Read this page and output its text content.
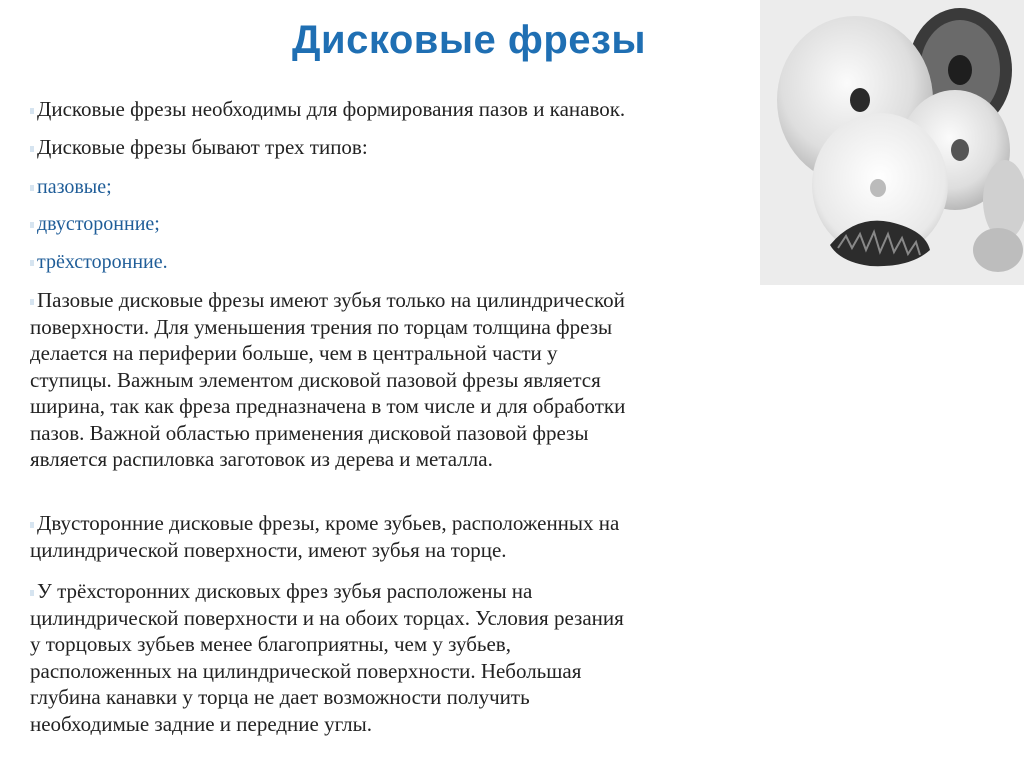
Дисковые фрезы
Дисковые фрезы необходимы для формирования пазов и канавок.
Дисковые фрезы бывают трех типов:
пазовые;
двусторонние;
трёхсторонние.
Пазовые дисковые фрезы имеют зубья только на цилиндрической
поверхности. Для уменьшения трения по торцам толщина фрезы
делается на периферии больше, чем в центральной части у
ступицы. Важным элементом дисковой пазовой фрезы является
ширина, так как фреза предназначена в том числе и для обработки
пазов. Важной областью применения дисковой пазовой фрезы
является распиловка заготовок из дерева и металла.
Двусторонние дисковые фрезы, кроме зубьев, расположенных на
цилиндрической поверхности, имеют зубья на торце.
У трёхсторонних дисковых фрез зубья расположены на
цилиндрической поверхности и на обоих торцах. Условия резания
у торцовых зубьев менее благоприятны, чем у зубьев,
расположенных на цилиндрической поверхности. Небольшая
глубина канавки у торца не дает возможности получить
необходимые задние и передние углы.
